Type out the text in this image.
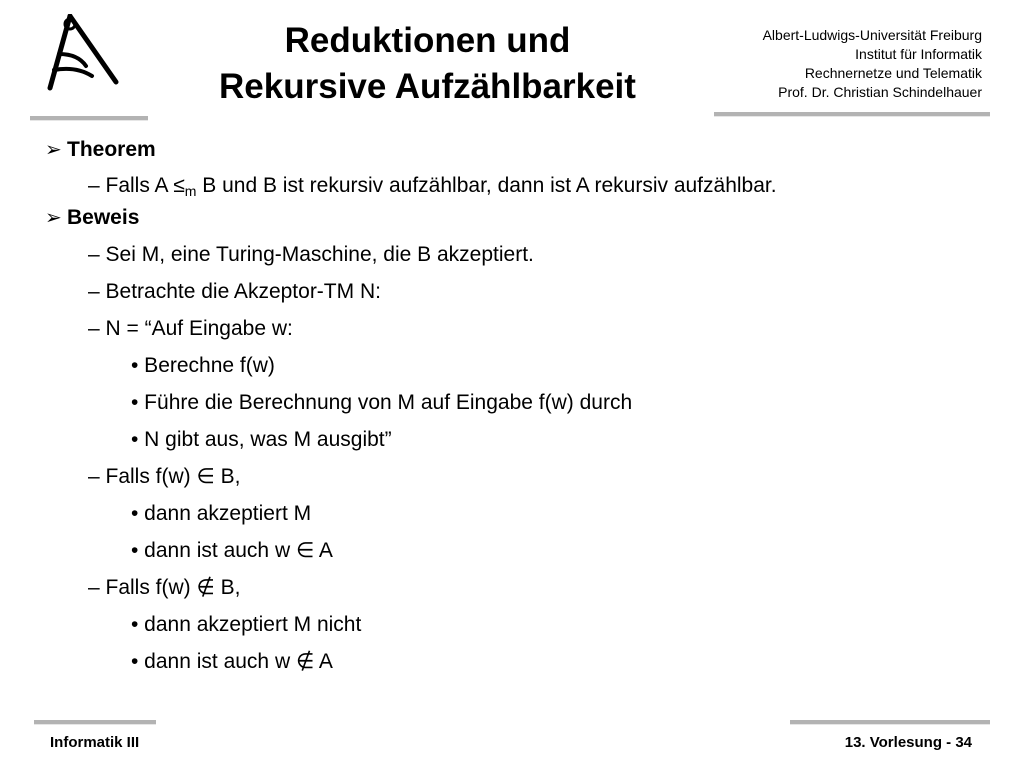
Reduktionen und
Rekursive Aufzählbarkeit
Albert-Ludwigs-Universität Freiburg
Institut für Informatik
Rechnernetze und Telematik
Prof. Dr. Christian Schindelhauer
➢ Theorem
– Falls $A \le_m$ B und B ist rekursiv aufzählbar, dann ist A rekursiv aufzählbar.
➢ Beweis
– Sei M, eine Turing-Maschine, die B akzeptiert.
– Betrachte die Akzeptor-TM N:
– N = “Auf Eingabe w:
• Berechne f(w)
• Führe die Berechnung von M auf Eingabe f(w) durch
• N gibt aus, was M ausgibt”
– Falls f(w) ∈ B,
• dann akzeptiert M
• dann ist auch w ∈ A
– Falls f(w) ∉ B,
• dann akzeptiert M nicht
• dann ist auch w ∉ A
Informatik III	13. Vorlesung - 34
